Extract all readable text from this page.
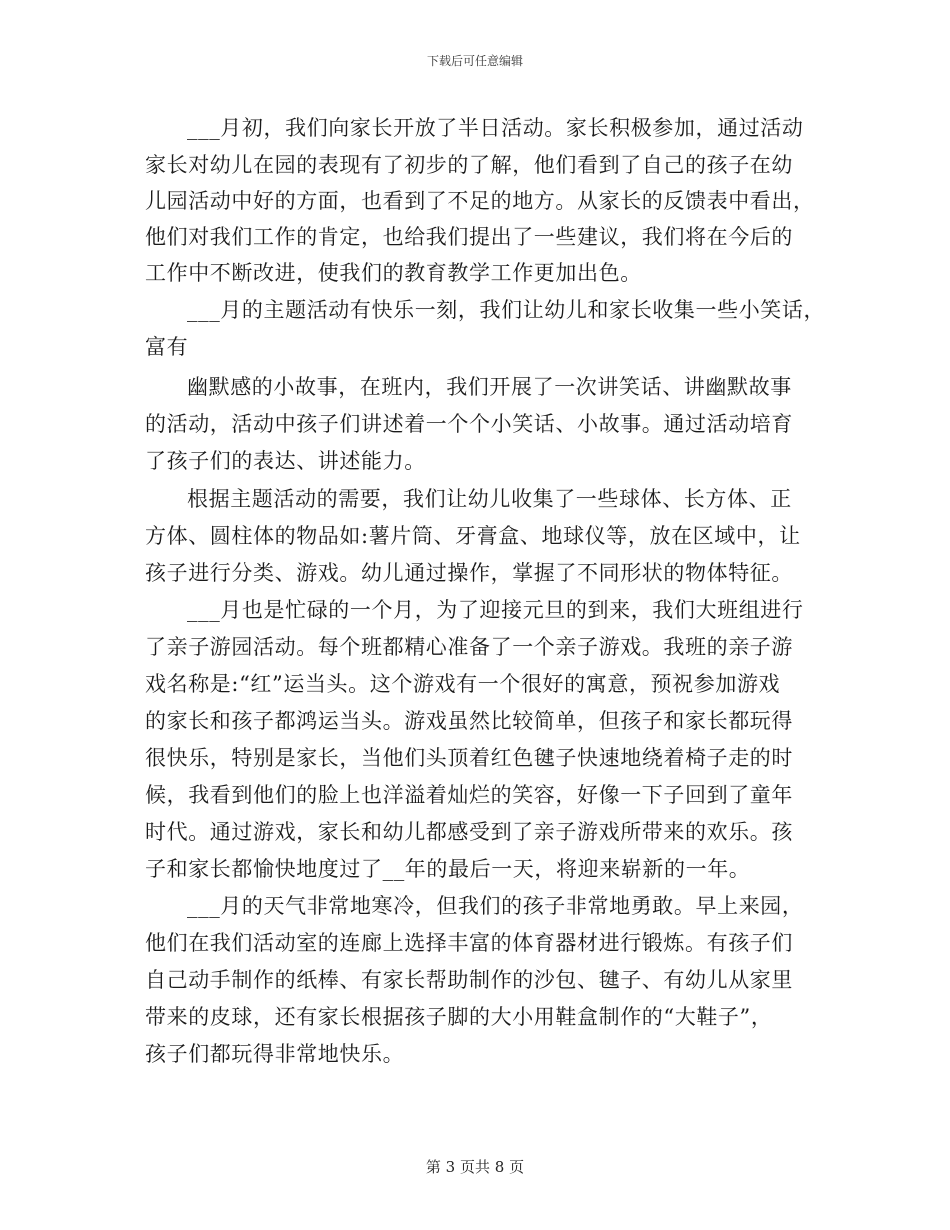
下载后可任意编辑
___月初，我们向家长开放了半日活动。家长积极参加，通过活动
家长对幼儿在园的表现有了初步的了解，他们看到了自己的孩子在幼
儿园活动中好的方面，也看到了不足的地方。从家长的反馈表中看出，
他们对我们工作的肯定，也给我们提出了一些建议，我们将在今后的
工作中不断改进，使我们的教育教学工作更加出色。
___月的主题活动有快乐一刻，我们让幼儿和家长收集一些小笑话，
富有
幽默感的小故事，在班内，我们开展了一次讲笑话、讲幽默故事
的活动，活动中孩子们讲述着一个个小笑话、小故事。通过活动培育
了孩子们的表达、讲述能力。
根据主题活动的需要，我们让幼儿收集了一些球体、长方体、正
方体、圆柱体的物品如:薯片筒、牙膏盒、地球仪等，放在区域中，让
孩子进行分类、游戏。幼儿通过操作，掌握了不同形状的物体特征。
___月也是忙碌的一个月，为了迎接元旦的到来，我们大班组进行
了亲子游园活动。每个班都精心准备了一个亲子游戏。我班的亲子游
戏名称是:“红”运当头。这个游戏有一个很好的寓意，预祝参加游戏
的家长和孩子都鸿运当头。游戏虽然比较简单，但孩子和家长都玩得
很快乐，特别是家长，当他们头顶着红色毽子快速地绕着椅子走的时
候，我看到他们的脸上也洋溢着灿烂的笑容，好像一下子回到了童年
时代。通过游戏，家长和幼儿都感受到了亲子游戏所带来的欢乐。孩
子和家长都愉快地度过了__年的最后一天，将迎来崭新的一年。
___月的天气非常地寒冷，但我们的孩子非常地勇敢。早上来园，
他们在我们活动室的连廊上选择丰富的体育器材进行锻炼。有孩子们
自己动手制作的纸棒、有家长帮助制作的沙包、毽子、有幼儿从家里
带来的皮球，还有家长根据孩子脚的大小用鞋盒制作的“大鞋子”，
孩子们都玩得非常地快乐。
第 3 页共 8 页
